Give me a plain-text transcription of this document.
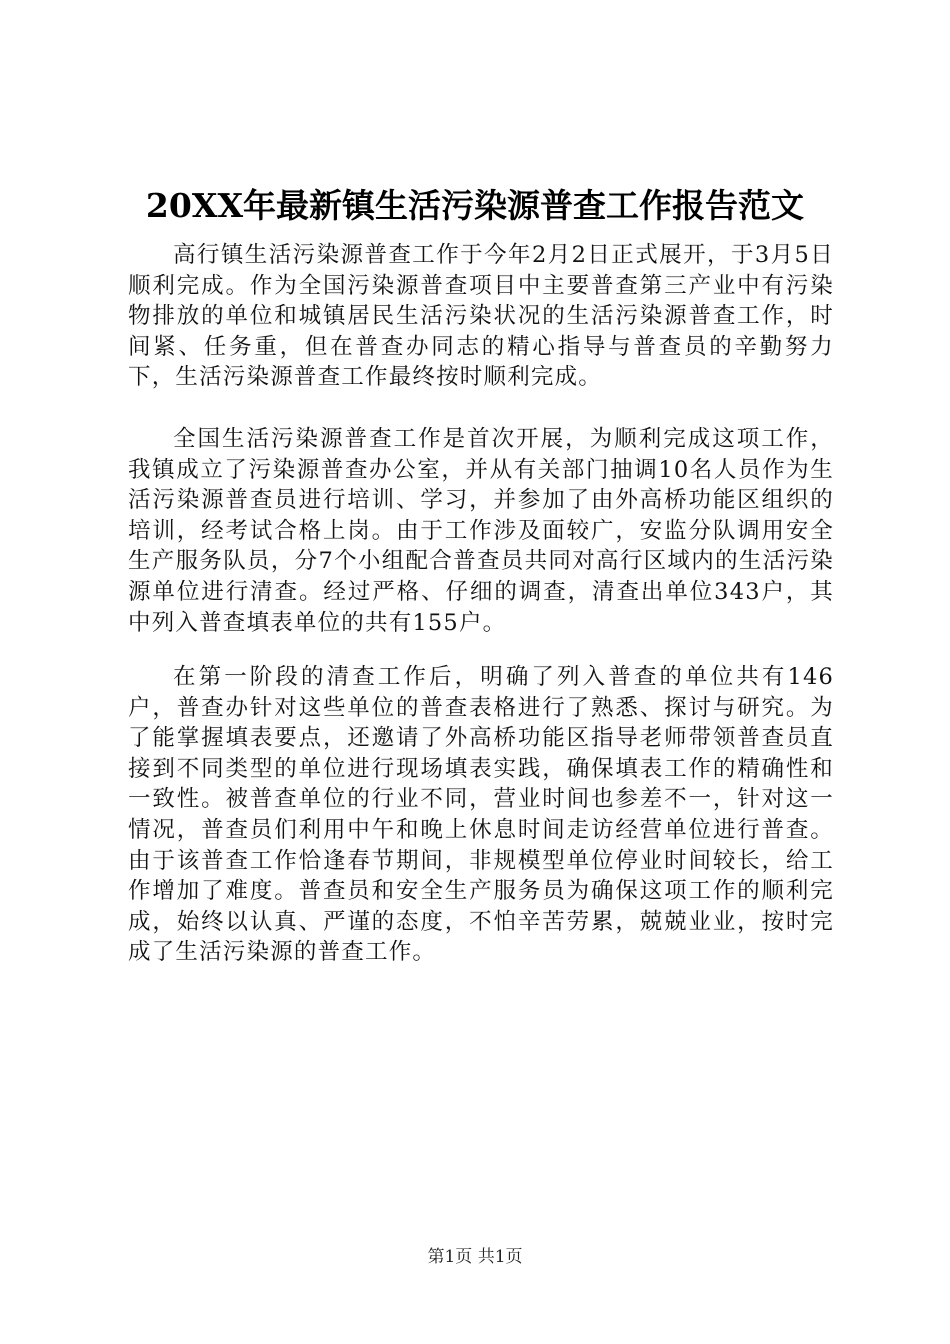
20XX年最新镇生活污染源普查工作报告范文

高行镇生活污染源普查工作于今年2月2日正式展开，于3月5日顺利完成。作为全国污染源普查项目中主要普查第三产业中有污染物排放的单位和城镇居民生活污染状况的生活污染源普查工作，时间紧、任务重，但在普查办同志的精心指导与普查员的辛勤努力下，生活污染源普查工作最终按时顺利完成。

全国生活污染源普查工作是首次开展，为顺利完成这项工作，我镇成立了污染源普查办公室，并从有关部门抽调10名人员作为生活污染源普查员进行培训、学习，并参加了由外高桥功能区组织的培训，经考试合格上岗。由于工作涉及面较广，安监分队调用安全生产服务队员，分7个小组配合普查员共同对高行区域内的生活污染源单位进行清查。经过严格、仔细的调查，清查出单位343户，其中列入普查填表单位的共有155户。

在第一阶段的清查工作后，明确了列入普查的单位共有146户，普查办针对这些单位的普查表格进行了熟悉、探讨与研究。为了能掌握填表要点，还邀请了外高桥功能区指导老师带领普查员直接到不同类型的单位进行现场填表实践，确保填表工作的精确性和一致性。被普查单位的行业不同，营业时间也参差不一，针对这一情况，普查员们利用中午和晚上休息时间走访经营单位进行普查。由于该普查工作恰逢春节期间，非规模型单位停业时间较长，给工作增加了难度。普查员和安全生产服务员为确保这项工作的顺利完成，始终以认真、严谨的态度，不怕辛苦劳累，兢兢业业，按时完成了生活污染源的普查工作。

第1页 共1页
